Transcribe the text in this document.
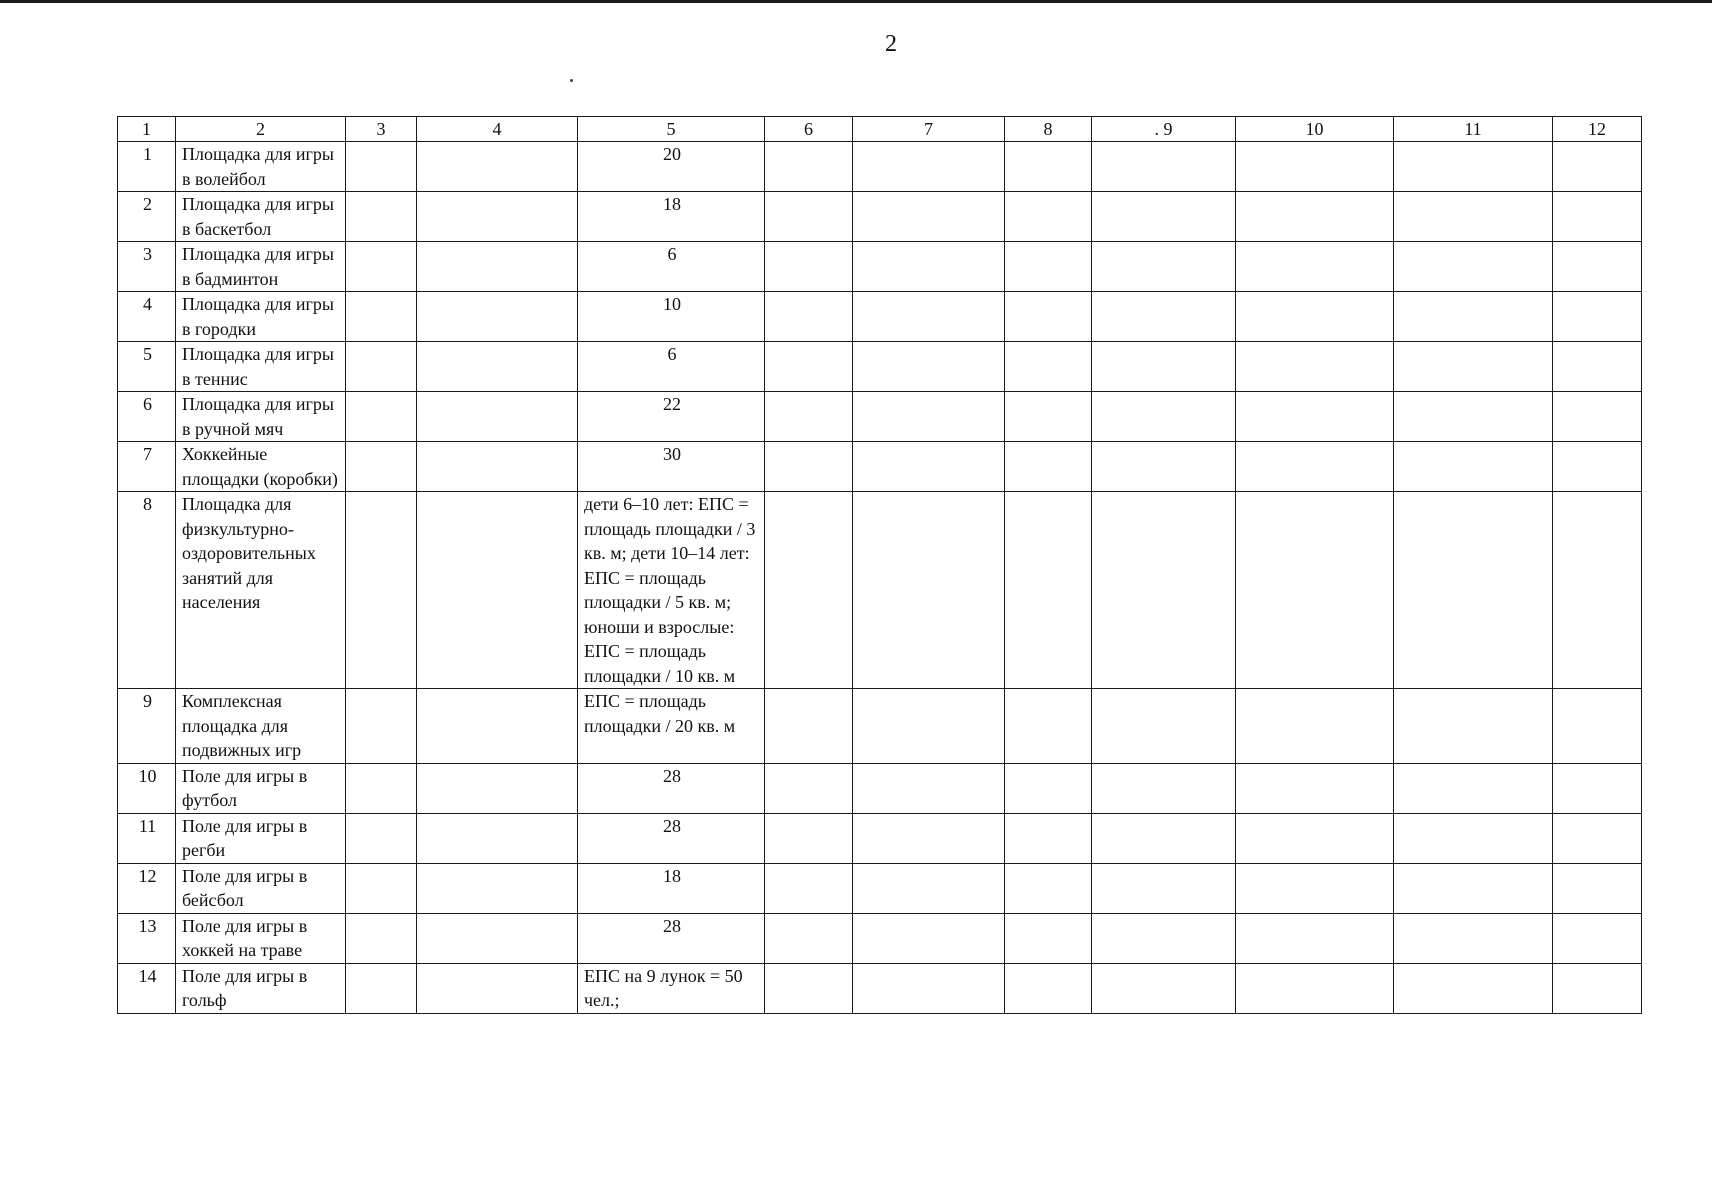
2
1	2	3	4	5	6	7	8	. 9	10	11	12
1	Площадка для игры в волейбол			20							
2	Площадка для игры в баскетбол			18							
3	Площадка для игры в бадминтон			6							
4	Площадка для игры в городки			10							
5	Площадка для игры в теннис			6							
6	Площадка для игры в ручной мяч			22							
7	Хоккейные площадки (коробки)			30							
8	Площадка для физкультурно-оздоровительных занятий для населения			дети 6–10 лет: ЕПС = площадь площадки / 3 кв. м; дети 10–14 лет: ЕПС = площадь площадки / 5 кв. м; юноши и взрослые: ЕПС = площадь площадки / 10 кв. м							
9	Комплексная площадка для подвижных игр			ЕПС = площадь площадки / 20 кв. м							
10	Поле для игры в футбол			28							
11	Поле для игры в регби			28							
12	Поле для игры в бейсбол			18							
13	Поле для игры в хоккей на траве			28							
14	Поле для игры в гольф			ЕПС на 9 лунок = 50 чел.;							
